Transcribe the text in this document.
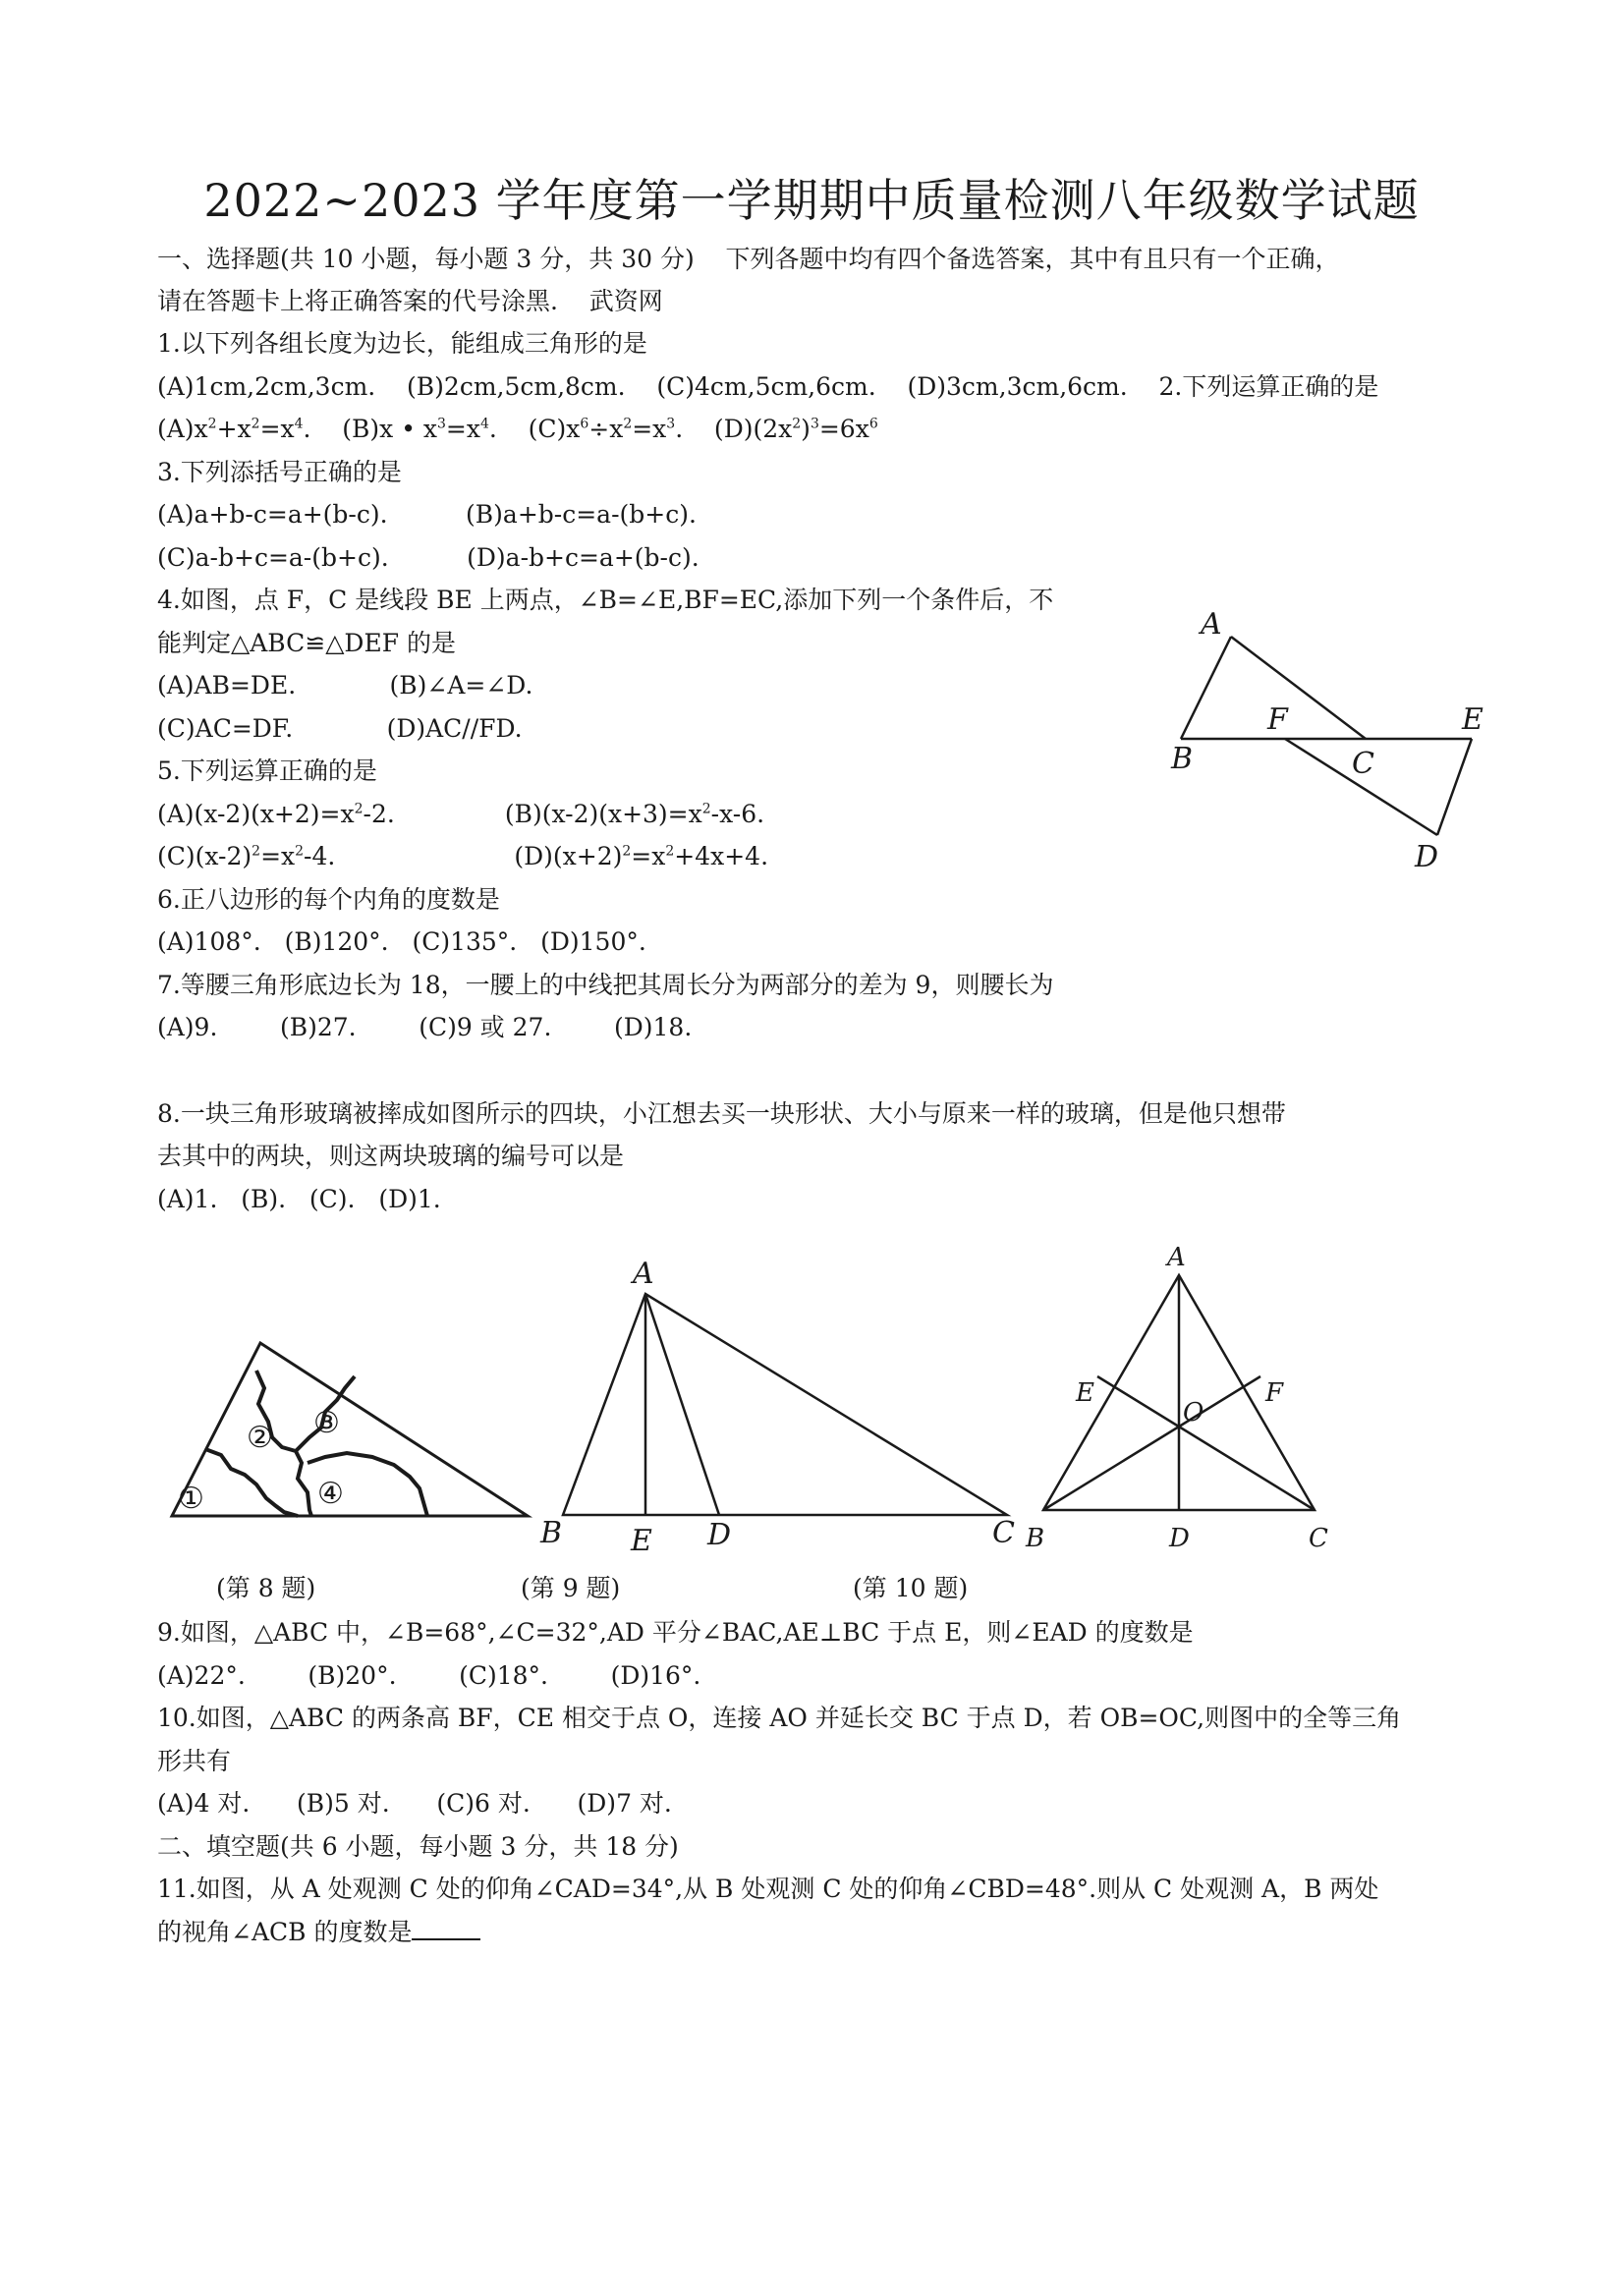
2022~2023 学年度第一学期期中质量检测八年级数学试题
一、选择题(共 10 小题，每小题 3 分，共 30 分)    下列各题中均有四个备选答案，其中有且只有一个正确，
请在答题卡上将正确答案的代号涂黑.    武资网
1.以下列各组长度为边长，能组成三角形的是
(A)1cm,2cm,3cm.    (B)2cm,5cm,8cm.    (C)4cm,5cm,6cm.    (D)3cm,3cm,6cm.    2.下列运算正确的是
$(A)x^2+x^2=x^4$.    (B)x • $x^3=x^4$.    $(C)x^6\div x^2=x^3$.    $(D)(2x^2)^3=6x^6$
3.下列添括号正确的是
(A)a+b-c=a+(b-c).          (B)a+b-c=a-(b+c).
(C)a-b+c=a-(b+c).          (D)a-b+c=a+(b-c).
4.如图，点 F，C 是线段 BE 上两点，∠B=∠E,BF=EC,添加下列一个条件后，不
能判定△ABC≌△DEF 的是
(A)AB=DE.            (B)∠A=∠D.
(C)AC=DF.            (D)AC//FD.
A
B
F
C
E
D
5.下列运算正确的是
$(A)(x-2)(x+2)=x^2-2$.	$(B)(x-2)(x+3)=x^2-x-6$.
$(C)(x-2)^2=x^2-4$.	$(D)(x+2)^2=x^2+4x+4$.
6.正八边形的每个内角的度数是
(A)108°.   (B)120°.   (C)135°.   (D)150°.
7.等腰三角形底边长为 18，一腰上的中线把其周长分为两部分的差为 9，则腰长为
(A)9.        (B)27.        (C)9 或 27.        (D)18.
8.一块三角形玻璃被摔成如图所示的四块，小江想去买一块形状、大小与原来一样的玻璃，但是他只想带
去其中的两块，则这两块玻璃的编号可以是
(A)1.   (B).   (C).   (D)1.
①
② ③
④
A
B E D	C
A
E	F
O
B	D	C
(第 8 题)	(第 9 题)	(第 10 题)
9.如图，△ABC 中，∠B=68°,∠C=32°,AD 平分∠BAC,AE⊥BC 于点 E，则∠EAD 的度数是
(A)22°.        (B)20°.        (C)18°.        (D)16°.
10.如图，△ABC 的两条高 BF，CE 相交于点 O，连接 AO 并延长交 BC 于点 D，若 OB=OC,则图中的全等三角
形共有
(A)4 对.      (B)5 对.      (C)6 对.      (D)7 对.
二、填空题(共 6 小题，每小题 3 分，共 18 分)
11.如图，从 A 处观测 C 处的仰角∠CAD=34°,从 B 处观测 C 处的仰角∠CBD=48°.则从 C 处观测 A，B 两处
的视角∠ACB 的度数是
